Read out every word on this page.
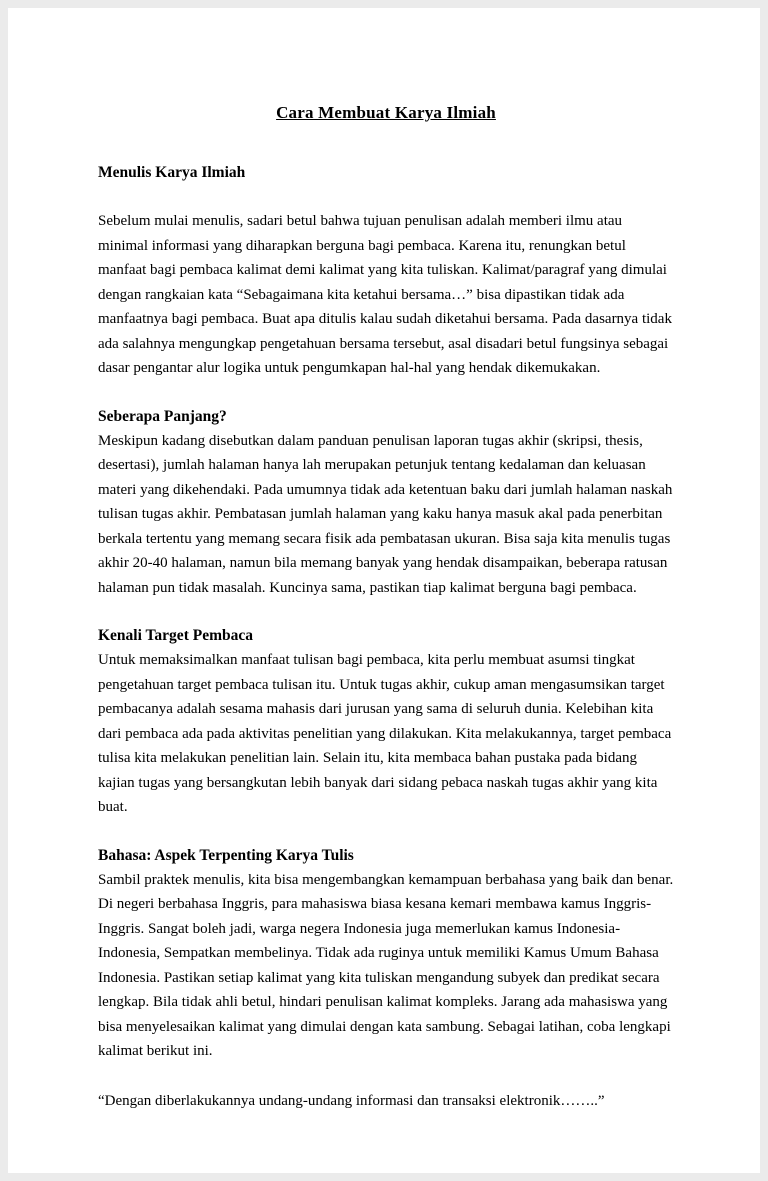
Cara Membuat Karya Ilmiah
Menulis Karya Ilmiah

Sebelum mulai menulis, sadari betul bahwa tujuan penulisan adalah memberi ilmu atau minimal informasi yang diharapkan berguna bagi pembaca. Karena itu, renungkan betul manfaat bagi pembaca kalimat demi kalimat yang kita tuliskan. Kalimat/paragraf yang dimulai dengan rangkaian kata “Sebagaimana kita ketahui bersama…” bisa dipastikan tidak ada manfaatnya bagi pembaca. Buat apa ditulis kalau sudah diketahui bersama. Pada dasarnya tidak ada salahnya mengungkap pengetahuan bersama tersebut, asal disadari betul fungsinya sebagai dasar pengantar alur logika untuk pengumkapan hal-hal yang hendak dikemukakan.

Seberapa Panjang?

Meskipun kadang disebutkan dalam panduan penulisan laporan tugas akhir (skripsi, thesis, desertasi), jumlah halaman hanya lah merupakan petunjuk tentang kedalaman dan keluasan materi yang dikehendaki. Pada umumnya tidak ada ketentuan baku dari jumlah halaman naskah tulisan tugas akhir. Pembatasan jumlah halaman yang kaku hanya masuk akal pada penerbitan berkala tertentu yang memang secara fisik ada pembatasan ukuran. Bisa saja kita menulis tugas akhir 20-40 halaman, namun bila memang banyak yang hendak disampaikan, beberapa ratusan halaman pun tidak masalah. Kuncinya sama, pastikan tiap kalimat berguna bagi pembaca.

Kenali Target Pembaca

Untuk memaksimalkan manfaat tulisan bagi pembaca, kita perlu membuat asumsi tingkat pengetahuan target pembaca tulisan itu. Untuk tugas akhir, cukup aman mengasumsikan target pembacanya adalah sesama mahasis dari jurusan yang sama di seluruh dunia. Kelebihan kita dari pembaca ada pada aktivitas penelitian yang dilakukan. Kita melakukannya, target pembaca tulisa kita melakukan penelitian lain. Selain itu, kita membaca bahan pustaka pada bidang kajian tugas yang bersangkutan lebih banyak dari sidang pebaca naskah tugas akhir yang kita buat.

Bahasa: Aspek Terpenting Karya Tulis

Sambil praktek menulis, kita bisa mengembangkan kemampuan berbahasa yang baik dan benar. Di negeri berbahasa Inggris, para mahasiswa biasa kesana kemari membawa kamus Inggris-Inggris. Sangat boleh jadi, warga negera Indonesia juga memerlukan kamus Indonesia-Indonesia, Sempatkan membelinya. Tidak ada ruginya untuk memiliki Kamus Umum Bahasa Indonesia. Pastikan setiap kalimat yang kita tuliskan mengandung subyek dan predikat secara lengkap. Bila tidak ahli betul, hindari penulisan kalimat kompleks. Jarang ada mahasiswa yang bisa menyelesaikan kalimat yang dimulai dengan kata sambung. Sebagai latihan, coba lengkapi kalimat berikut ini.

“Dengan diberlakukannya undang-undang informasi dan transaksi elektronik……..”
